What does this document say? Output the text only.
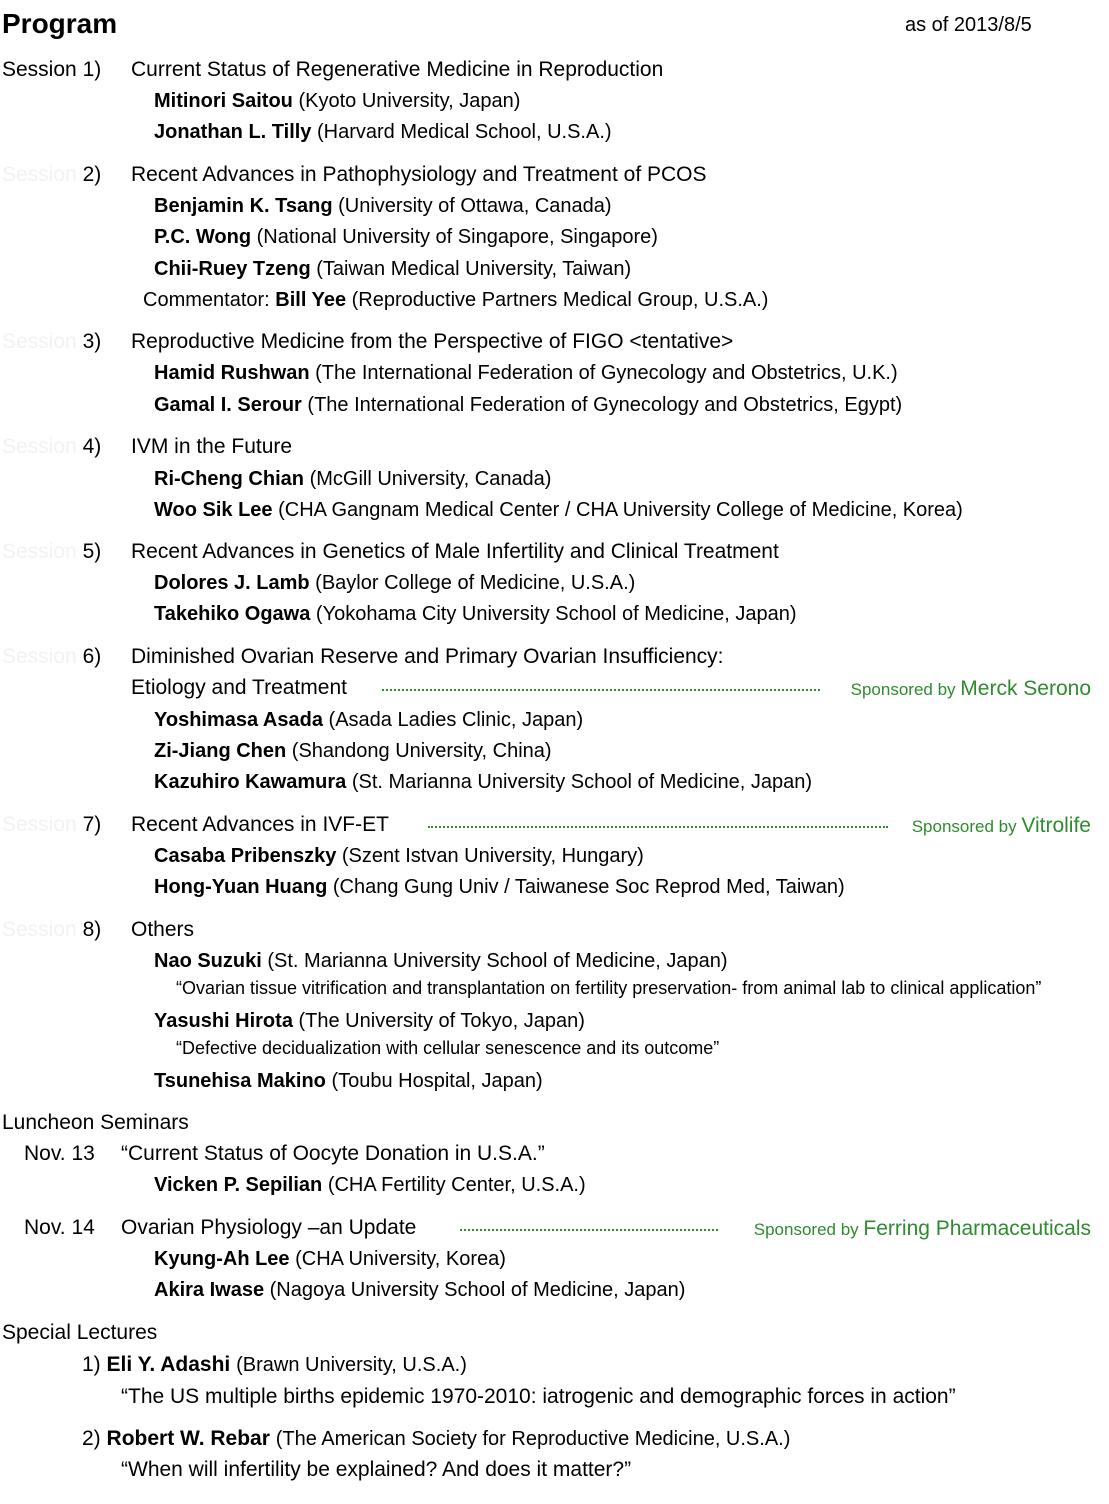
Program	as of 2013/8/5
Session 1) Current Status of Regenerative Medicine in Reproduction
Mitinori Saitou (Kyoto University, Japan)
Jonathan L. Tilly (Harvard Medical School, U.S.A.)
Session 2) Recent Advances in Pathophysiology and Treatment of PCOS
Benjamin K. Tsang (University of Ottawa, Canada)
P.C. Wong (National University of Singapore, Singapore)
Chii-Ruey Tzeng (Taiwan Medical University, Taiwan)
Commentator: Bill Yee (Reproductive Partners Medical Group, U.S.A.)
Session 3) Reproductive Medicine from the Perspective of FIGO <tentative>
Hamid Rushwan (The International Federation of Gynecology and Obstetrics, U.K.)
Gamal I. Serour (The International Federation of Gynecology and Obstetrics, Egypt)
Session 4) IVM in the Future
Ri-Cheng Chian (McGill University, Canada)
Woo Sik Lee (CHA Gangnam Medical Center / CHA University College of Medicine, Korea)
Session 5) Recent Advances in Genetics of Male Infertility and Clinical Treatment
Dolores J. Lamb (Baylor College of Medicine, U.S.A.)
Takehiko Ogawa (Yokohama City University School of Medicine, Japan)
Session 6) Diminished Ovarian Reserve and Primary Ovarian Insufficiency:
Etiology and Treatment	Sponsored by Merck Serono
Yoshimasa Asada (Asada Ladies Clinic, Japan)
Zi-Jiang Chen (Shandong University, China)
Kazuhiro Kawamura (St. Marianna University School of Medicine, Japan)
Session 7) Recent Advances in IVF-ET	Sponsored by Vitrolife
Casaba Pribenszky (Szent Istvan University, Hungary)
Hong-Yuan Huang (Chang Gung Univ / Taiwanese Soc Reprod Med, Taiwan)
Session 8) Others
Nao Suzuki (St. Marianna University School of Medicine, Japan)
“Ovarian tissue vitrification and transplantation on fertility preservation- from animal lab to clinical application”
Yasushi Hirota (The University of Tokyo, Japan)
“Defective decidualization with cellular senescence and its outcome”
Tsunehisa Makino (Toubu Hospital, Japan)
Luncheon Seminars
Nov. 13 “Current Status of Oocyte Donation in U.S.A.”
Vicken P. Sepilian (CHA Fertility Center, U.S.A.)
Nov. 14 Ovarian Physiology –an Update	Sponsored by Ferring Pharmaceuticals
Kyung-Ah Lee (CHA University, Korea)
Akira Iwase (Nagoya University School of Medicine, Japan)
Special Lectures
1) Eli Y. Adashi (Brawn University, U.S.A.)
“The US multiple births epidemic 1970-2010: iatrogenic and demographic forces in action”
2) Robert W. Rebar (The American Society for Reproductive Medicine, U.S.A.)
“When will infertility be explained? And does it matter?”
